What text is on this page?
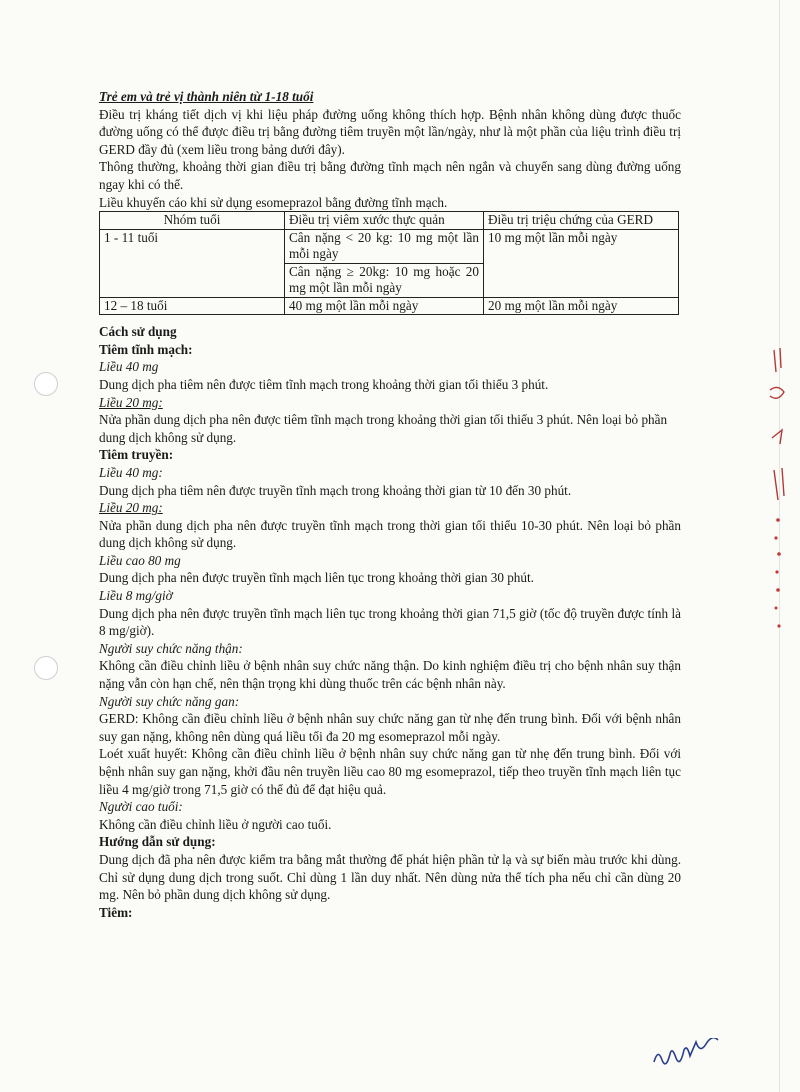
Trẻ em và trẻ vị thành niên từ 1-18 tuổi

Điều trị kháng tiết dịch vị khi liệu pháp đường uống không thích hợp. Bệnh nhân không dùng được thuốc đường uống có thể được điều trị bằng đường tiêm truyền một lần/ngày, như là một phần của liệu trình điều trị GERD đầy đủ (xem liều trong bảng dưới đây).

Thông thường, khoảng thời gian điều trị bằng đường tĩnh mạch nên ngắn và chuyển sang dùng đường uống ngay khi có thể.

Liều khuyến cáo khi sử dụng esomeprazol bằng đường tĩnh mạch.

Nhóm tuổi	Điều trị viêm xước thực quản	Điều trị triệu chứng của GERD
1 - 11 tuổi	Cân nặng < 20 kg: 10 mg một lần mỗi ngày	10 mg một lần mỗi ngày
	Cân nặng ≥ 20kg: 10 mg hoặc 20 mg một lần mỗi ngày	
12 – 18 tuổi	40 mg một lần mỗi ngày	20 mg một lần mỗi ngày

Cách sử dụng

Tiêm tĩnh mạch:

Liều 40 mg

Dung dịch pha tiêm nên được tiêm tĩnh mạch trong khoảng thời gian tối thiểu 3 phút.

Liều 20 mg:

Nửa phần dung dịch pha nên được tiêm tĩnh mạch trong khoảng thời gian tối thiểu 3 phút. Nên loại bỏ phần dung dịch không sử dụng.

Tiêm truyền:

Liều 40 mg:

Dung dịch pha tiêm nên được truyền tĩnh mạch trong khoảng thời gian từ 10 đến 30 phút.

Liều 20 mg:

Nửa phần dung dịch pha nên được truyền tĩnh mạch trong thời gian tối thiểu 10-30 phút. Nên loại bỏ phần dung dịch không sử dụng.

Liều cao 80 mg

Dung dịch pha nên được truyền tĩnh mạch liên tục trong khoảng thời gian 30 phút.

Liều 8 mg/giờ

Dung dịch pha nên được truyền tĩnh mạch liên tục trong khoảng thời gian 71,5 giờ (tốc độ truyền được tính là 8 mg/giờ).

Người suy chức năng thận:

Không cần điều chỉnh liều ở bệnh nhân suy chức năng thận. Do kinh nghiệm điều trị cho bệnh nhân suy thận nặng vẫn còn hạn chế, nên thận trọng khi dùng thuốc trên các bệnh nhân này.

Người suy chức năng gan:

GERD: Không cần điều chỉnh liều ở bệnh nhân suy chức năng gan từ nhẹ đến trung bình. Đối với bệnh nhân suy gan nặng, không nên dùng quá liều tối đa 20 mg esomeprazol mỗi ngày.

Loét xuất huyết: Không cần điều chỉnh liều ở bệnh nhân suy chức năng gan từ nhẹ đến trung bình. Đối với bệnh nhân suy gan nặng, khởi đầu nên truyền liều cao 80 mg esomeprazol, tiếp theo truyền tĩnh mạch liên tục liều 4 mg/giờ trong 71,5 giờ có thể đủ để đạt hiệu quả.

Người cao tuổi:

Không cần điều chỉnh liều ở người cao tuổi.

Hướng dẫn sử dụng:

Dung dịch đã pha nên được kiểm tra bằng mắt thường để phát hiện phần tử lạ và sự biến màu trước khi dùng. Chỉ sử dụng dung dịch trong suốt. Chỉ dùng 1 lần duy nhất. Nên dùng nửa thể tích pha nếu chỉ cần dùng 20 mg. Nên bỏ phần dung dịch không sử dụng.

Tiêm:
